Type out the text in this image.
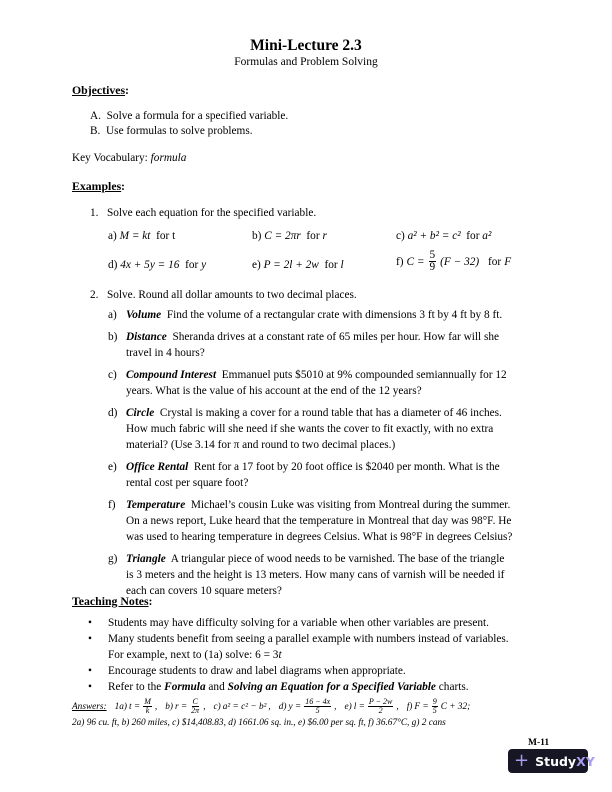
Mini-Lecture 2.3
Formulas and Problem Solving
Objectives:
A. Solve a formula for a specified variable.
B. Use formulas to solve problems.
Key Vocabulary: formula
Examples:
1. Solve each equation for the specified variable.
a) M = kt for t	b) C = 2πr for r	c) a² + b² = c² for a²
d) 4x + 5y = 16 for y	e) P = 2l + 2w for l	f) $C = \frac{5}{9} (F - 32)$
for F
2. Solve. Round all dollar amounts to two decimal places.
a) Volume Find the volume of a rectangular crate with dimensions 3 ft by 4 ft by 8 ft.
b) Distance Sheranda drives at a constant rate of 65 miles per hour. How far will she
travel in 4 hours?
c) Compound Interest Emmanuel puts $5010 at 9% compounded semiannually for 12
years. What is the value of his account at the end of the 12 years?
d) Circle Crystal is making a cover for a round table that has a diameter of 46 inches.
How much fabric will she need if she wants the cover to fit exactly, with no extra
material? (Use 3.14 for π and round to two decimal places.)
e) Office Rental Rent for a 17 foot by 20 foot office is $2040 per month. What is the
rental cost per square foot?
f) Temperature Michael’s cousin Luke was visiting from Montreal during the summer.
On a news report, Luke heard that the temperature in Montreal that day was 98°F. He
was used to hearing temperature in degrees Celsius. What is 98°F in degrees Celsius?
g) Triangle A triangular piece of wood needs to be varnished. The base of the triangle
is 3 meters and the height is 13 meters. How many cans of varnish will be needed if
each can covers 10 square meters?
Teaching Notes:
• Students may have difficulty solving for a variable when other variables are present.
• Many students benefit from seeing a parallel example with numbers instead of variables.
For example, next to (1a) solve: 6 = 3t
• Encourage students to draw and label diagrams when appropriate.
• Refer to the Formula and Solving an Equation for a Specified Variable charts.
Answers: 1a) $t = \frac{M}{k}$ , b) $r = \frac{C}{2\pi}$ , c) a² = c² − b² , d) $y = \frac{16 - 4x}{5}$ , e) $l = \frac{P - 2w}{2}$ , f) $F = \frac{9}{5}$ C + 32;
2a) 96 cu. ft, b) 260 miles, c) $14,408.83, d) 1661.06 sq. in., e) $6.00 per sq. ft, f) 36.67°C, g) 2 cans
M-11
+ StudyXY
